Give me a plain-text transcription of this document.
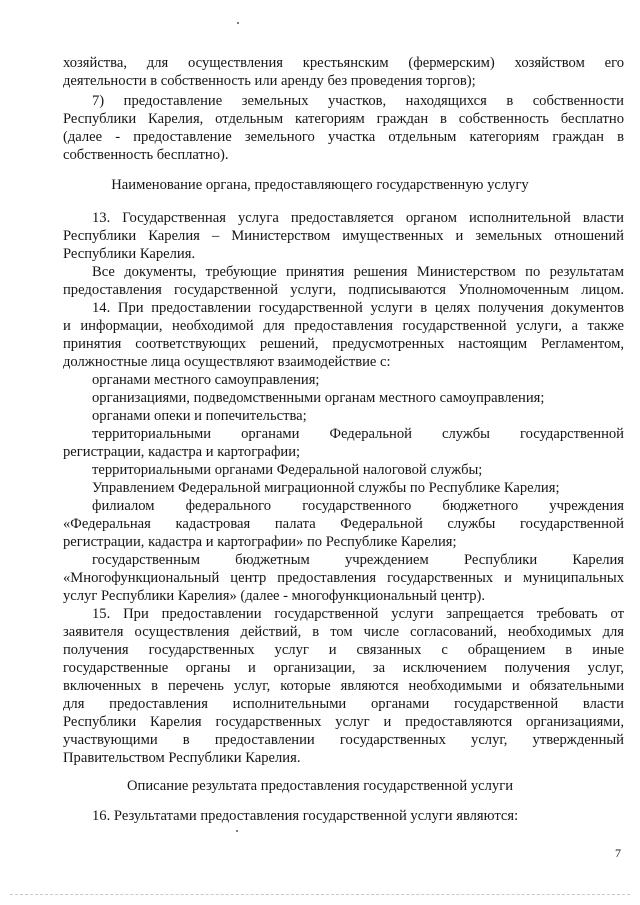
хозяйства, для осуществления крестьянским (фермерским) хозяйством его
деятельности в собственность или аренду без проведения торгов);
7) предоставление земельных участков, находящихся в собственности
Республики Карелия, отдельным категориям граждан в собственность бесплатно
(далее - предоставление земельного участка отдельным категориям граждан в
собственность бесплатно).
Наименование органа, предоставляющего государственную услугу
13. Государственная услуга предоставляется органом исполнительной власти
Республики Карелия – Министерством имущественных и земельных отношений
Республики Карелия.
Все документы, требующие принятия решения Министерством по результатам
предоставления государственной услуги, подписываются Уполномоченным лицом.
14. При предоставлении государственной услуги в целях получения документов
и информации, необходимой для предоставления государственной услуги, а также
принятия соответствующих решений, предусмотренных настоящим Регламентом,
должностные лица осуществляют взаимодействие с:
органами местного самоуправления;
организациями, подведомственными органам местного самоуправления;
органами опеки и попечительства;
территориальными органами Федеральной службы государственной
регистрации, кадастра и картографии;
территориальными органами Федеральной налоговой службы;
Управлением Федеральной миграционной службы по Республике Карелия;
филиалом федерального государственного бюджетного учреждения
«Федеральная кадастровая палата Федеральной службы государственной
регистрации, кадастра и картографии» по Республике Карелия;
государственным бюджетным учреждением Республики Карелия
«Многофункциональный центр предоставления государственных и муниципальных
услуг Республики Карелия» (далее - многофункциональный центр).
15. При предоставлении государственной услуги запрещается требовать от
заявителя осуществления действий, в том числе согласований, необходимых для
получения государственных услуг и связанных с обращением в иные
государственные органы и организации, за исключением получения услуг,
включенных в перечень услуг, которые являются необходимыми и обязательными
для предоставления исполнительными органами государственной власти
Республики Карелия государственных услуг и предоставляются организациями,
участвующими в предоставлении государственных услуг, утвержденный
Правительством Республики Карелия.
Описание результата предоставления государственной услуги
16. Результатами предоставления государственной услуги являются:
7
